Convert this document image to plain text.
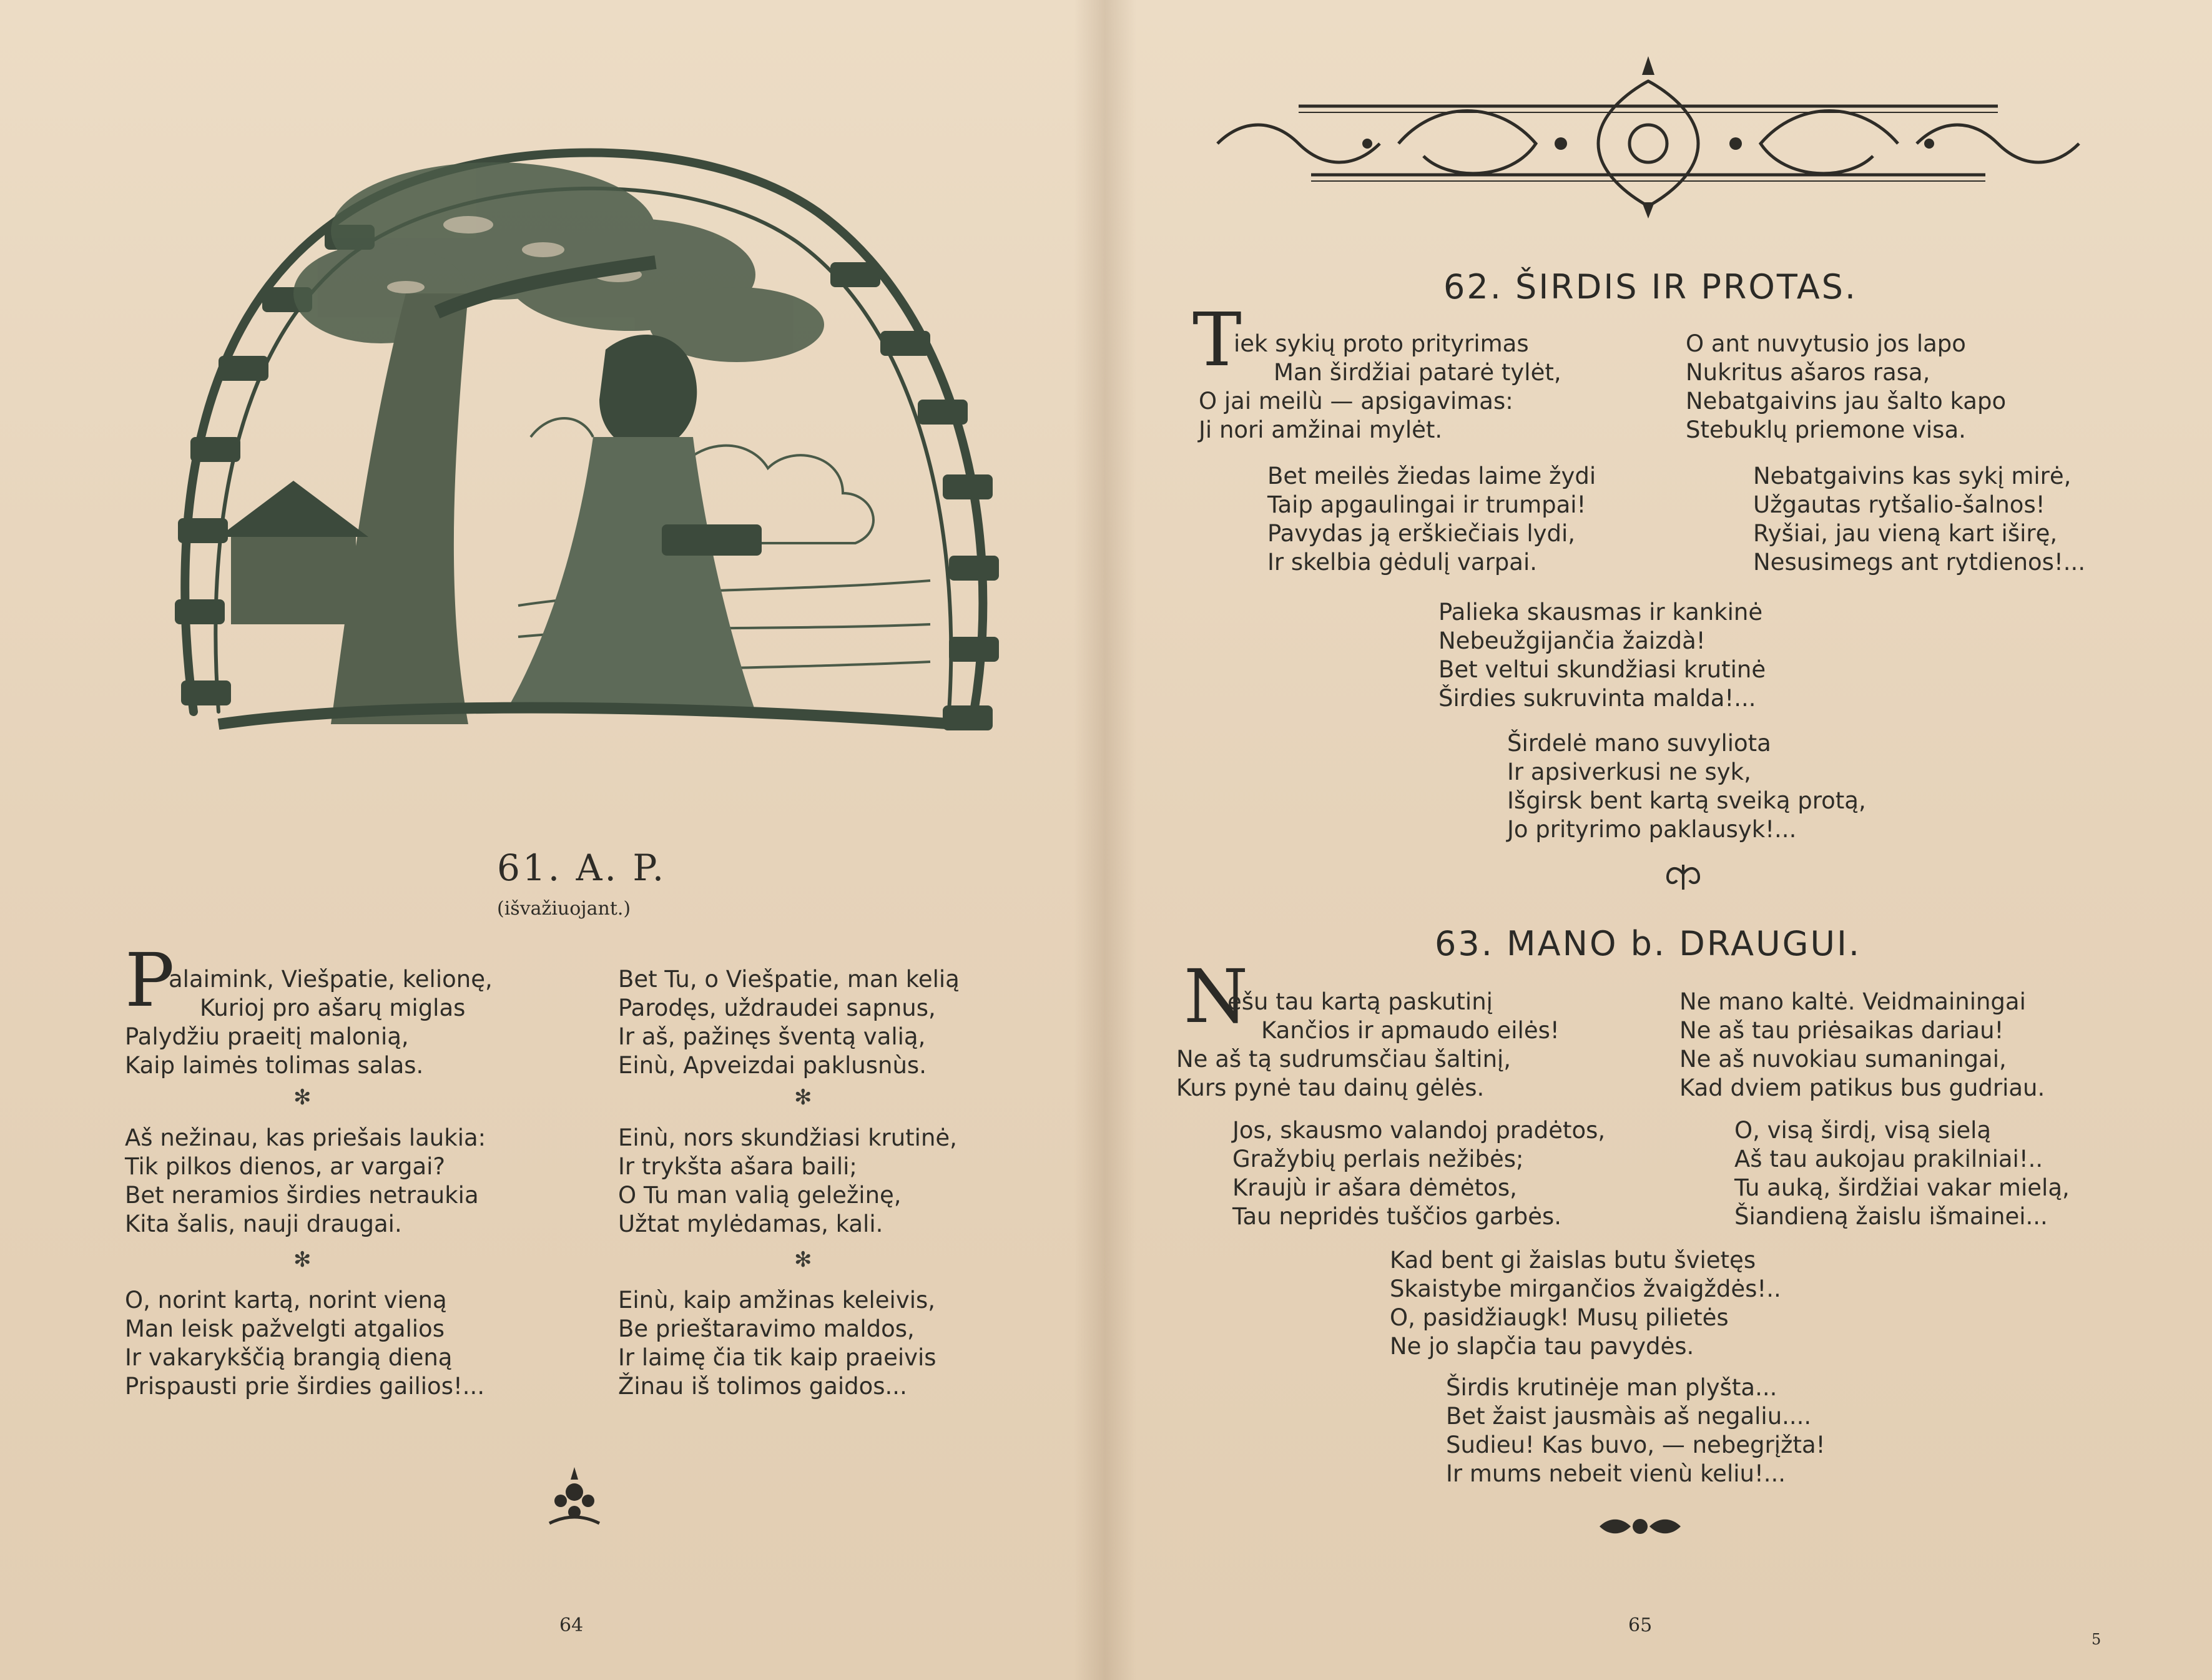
61. A. P.
(išvažiuojant.)
P
alaimink, Viešpatie, kelionę,
Kurioj pro ašarų miglas
Palydžiu praeitį malonią,
Kaip laimės tolimas salas.
✻
Aš nežinau, kas priešais laukia:
Tik pilkos dienos, ar vargai?
Bet neramios širdies netraukia
Kita šalis, nauji draugai.
✻
O, norint kartą, norint vieną
Man leisk pažvelgti atgalios
Ir vakarykščią brangią dieną
Prispausti prie širdies gailios!...
Bet Tu, o Viešpatie, man kelią
Parodęs, uždraudei sapnus,
Ir aš, pažinęs šventą valią,
Einù, Apveizdai paklusnùs.
✻
Einù, nors skundžiasi krutinė,
Ir trykšta ašara baili;
O Tu man valią geležinę,
Užtat mylėdamas, kali.
✻
Einù, kaip amžinas keleivis,
Be prieštaravimo maldos,
Ir laimę čia tik kaip praeivis
Žinau iš tolimos gaidos...
64
62. ŠIRDIS IR PROTAS.
T
iek sykių proto prityrimas
Man širdžiai patarė tylėt,
O jai meilù — apsigavimas:
Ji nori amžinai mylėt.
O ant nuvytusio jos lapo
Nukritus ašaros rasa,
Nebatgaivins jau šalto kapo
Stebuklų priemone visa.
Bet meilės žiedas laime žydi
Taip apgaulingai ir trumpai!
Pavydas ją erškiečiais lydi,
Ir skelbia gėdulį varpai.
Nebatgaivins kas sykį mirė,
Užgautas rytšalio-šalnos!
Ryšiai, jau vieną kart iširę,
Nesusimegs ant rytdienos!...
Palieka skausmas ir kankinė
Nebeužgijančia žaizdà!
Bet veltui skundžiasi krutinė
Širdies sukruvinta malda!...
Širdelė mano suvyliota
Ir apsiverkusi ne syk,
Išgirsk bent kartą sveiką protą,
Jo prityrimo paklausyk!...
63. MANO b. DRAUGUI.
N
ešu tau kartą paskutinį
Kančios ir apmaudo eilės!
Ne aš tą sudrumsčiau šaltinį,
Kurs pynė tau dainų gėlės.
Ne mano kaltė. Veidmainingai
Ne aš tau priėsaikas dariau!
Ne aš nuvokiau sumaningai,
Kad dviem patikus bus gudriau.
Jos, skausmo valandoj pradėtos,
Gražybių perlais nežibės;
Kraujù ir ašara dėmėtos,
Tau nepridės tuščios garbės.
O, visą širdį, visą sielą
Aš tau aukojau prakilniai!..
Tu auką, širdžiai vakar mielą,
Šiandieną žaislu išmainei...
Kad bent gi žaislas butu švietęs
Skaistybe mirgančios žvaigždės!..
O, pasidžiaugk! Musų pilietės
Ne jo slapčia tau pavydės.
Širdis krutinėje man plyšta...
Bet žaist jausmàis aš negaliu....
Sudieu! Kas buvo, — nebegrįžta!
Ir mums nebeit vienù keliu!...
65
5
